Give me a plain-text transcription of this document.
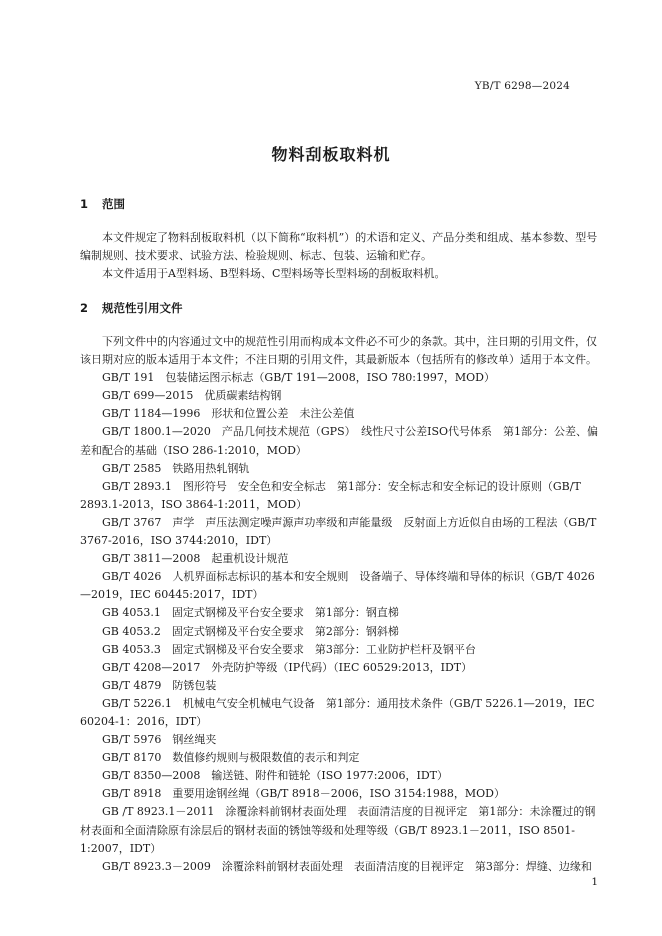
YB/T 6298—2024
物料刮板取料机
1 范围

本文件规定了物料刮板取料机（以下简称“取料机”）的术语和定义、产品分类和组成、基本参数、型号编制规则、技术要求、试验方法、检验规则、标志、包装、运输和贮存。

本文件适用于A型料场、B型料场、C型料场等长型料场的刮板取料机。

2 规范性引用文件

下列文件中的内容通过文中的规范性引用而构成本文件必不可少的条款。其中，注日期的引用文件，仅该日期对应的版本适用于本文件；不注日期的引用文件，其最新版本（包括所有的修改单）适用于本文件。

GB/T 191　包装储运图示标志（GB/T 191—2008，ISO 780:1997，MOD）

GB/T 699—2015　优质碳素结构钢

GB/T 1184—1996　形状和位置公差　未注公差值

GB/T 1800.1—2020　产品几何技术规范（GPS）　线性尺寸公差ISO代号体系　第1部分：公差、偏差和配合的基础（ISO 286-1:2010，MOD）

GB/T 2585　铁路用热轧钢轨

GB/T 2893.1　图形符号　安全色和安全标志　第1部分：安全标志和安全标记的设计原则（GB/T 2893.1-2013，ISO 3864-1:2011，MOD）

GB/T 3767　声学　声压法测定噪声源声功率级和声能量级　反射面上方近似自由场的工程法（GB/T 3767-2016，ISO 3744:2010，IDT）

GB/T 3811—2008　起重机设计规范

GB/T 4026　人机界面标志标识的基本和安全规则　设备端子、导体终端和导体的标识（GB/T 4026—2019，IEC 60445:2017，IDT）

GB 4053.1　固定式钢梯及平台安全要求　第1部分：钢直梯

GB 4053.2　固定式钢梯及平台安全要求　第2部分：钢斜梯

GB 4053.3　固定式钢梯及平台安全要求　第3部分：工业防护栏杆及钢平台

GB/T 4208—2017　外壳防护等级（IP代码）（IEC 60529:2013，IDT）

GB/T 4879　防锈包装

GB/T 5226.1　机械电气安全机械电气设备　第1部分：通用技术条件（GB/T 5226.1—2019，IEC 60204-1：2016，IDT）

GB/T 5976　钢丝绳夹

GB/T 8170　数值修约规则与极限数值的表示和判定

GB/T 8350—2008　输送链、附件和链轮（ISO 1977:2006，IDT）

GB/T 8918　重要用途钢丝绳（GB/T 8918－2006，ISO 3154:1988，MOD）

GB /T 8923.1－2011　涂覆涂料前钢材表面处理　表面清洁度的目视评定　第1部分：未涂覆过的钢材表面和全面清除原有涂层后的钢材表面的锈蚀等级和处理等级（GB/T 8923.1－2011，ISO 8501-1:2007，IDT）

GB/T 8923.3－2009　涂覆涂料前钢材表面处理　表面清洁度的目视评定　第3部分：焊缝、边缘和

1
